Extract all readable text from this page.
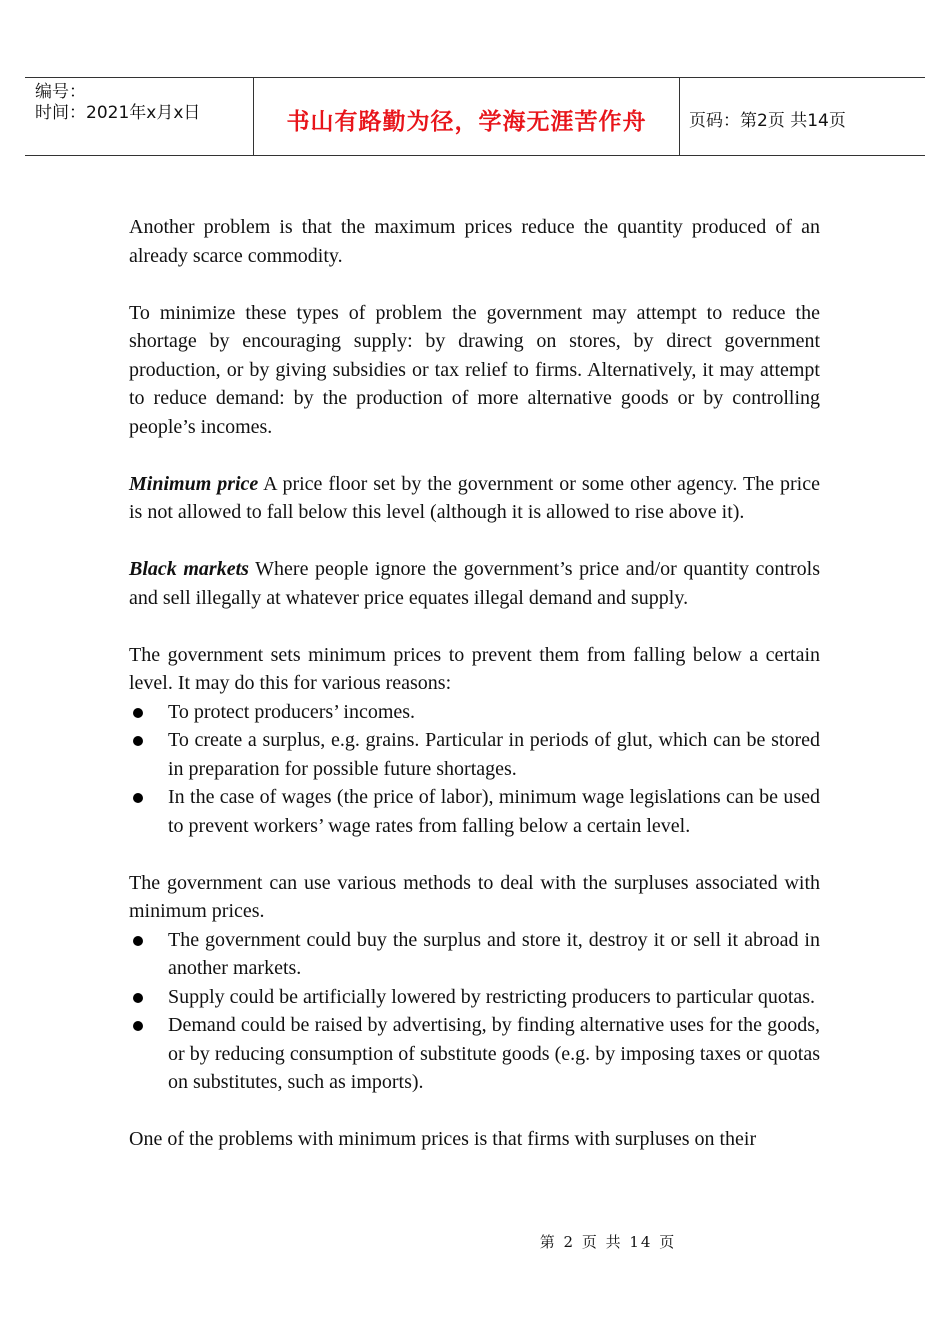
编号：
时间：2021年x月x日	书山有路勤为径，学海无涯苦作舟	页码：第2页 共14页

Another problem is that the maximum prices reduce the quantity produced of an already scarce commodity.

To minimize these types of problem the government may attempt to reduce the shortage by encouraging supply: by drawing on stores, by direct government production, or by giving subsidies or tax relief to firms. Alternatively, it may attempt to reduce demand: by the production of more alternative goods or by controlling people’s incomes.

Minimum price A price floor set by the government or some other agency. The price is not allowed to fall below this level (although it is allowed to rise above it).

Black markets Where people ignore the government’s price and/or quantity controls and sell illegally at whatever price equates illegal demand and supply.

The government sets minimum prices to prevent them from falling below a certain level. It may do this for various reasons:

To protect producers’ incomes.
To create a surplus, e.g. grains. Particular in periods of glut, which can be stored in preparation for possible future shortages.
In the case of wages (the price of labor), minimum wage legislations can be used to prevent workers’ wage rates from falling below a certain level.

The government can use various methods to deal with the surpluses associated with minimum prices.

The government could buy the surplus and store it, destroy it or sell it abroad in another markets.
Supply could be artificially lowered by restricting producers to particular quotas.
Demand could be raised by advertising, by finding alternative uses for the goods, or by reducing consumption of substitute goods (e.g. by imposing taxes or quotas on substitutes, such as imports).

One of the problems with minimum prices is that firms with surpluses on their

第 2 页 共 14 页
